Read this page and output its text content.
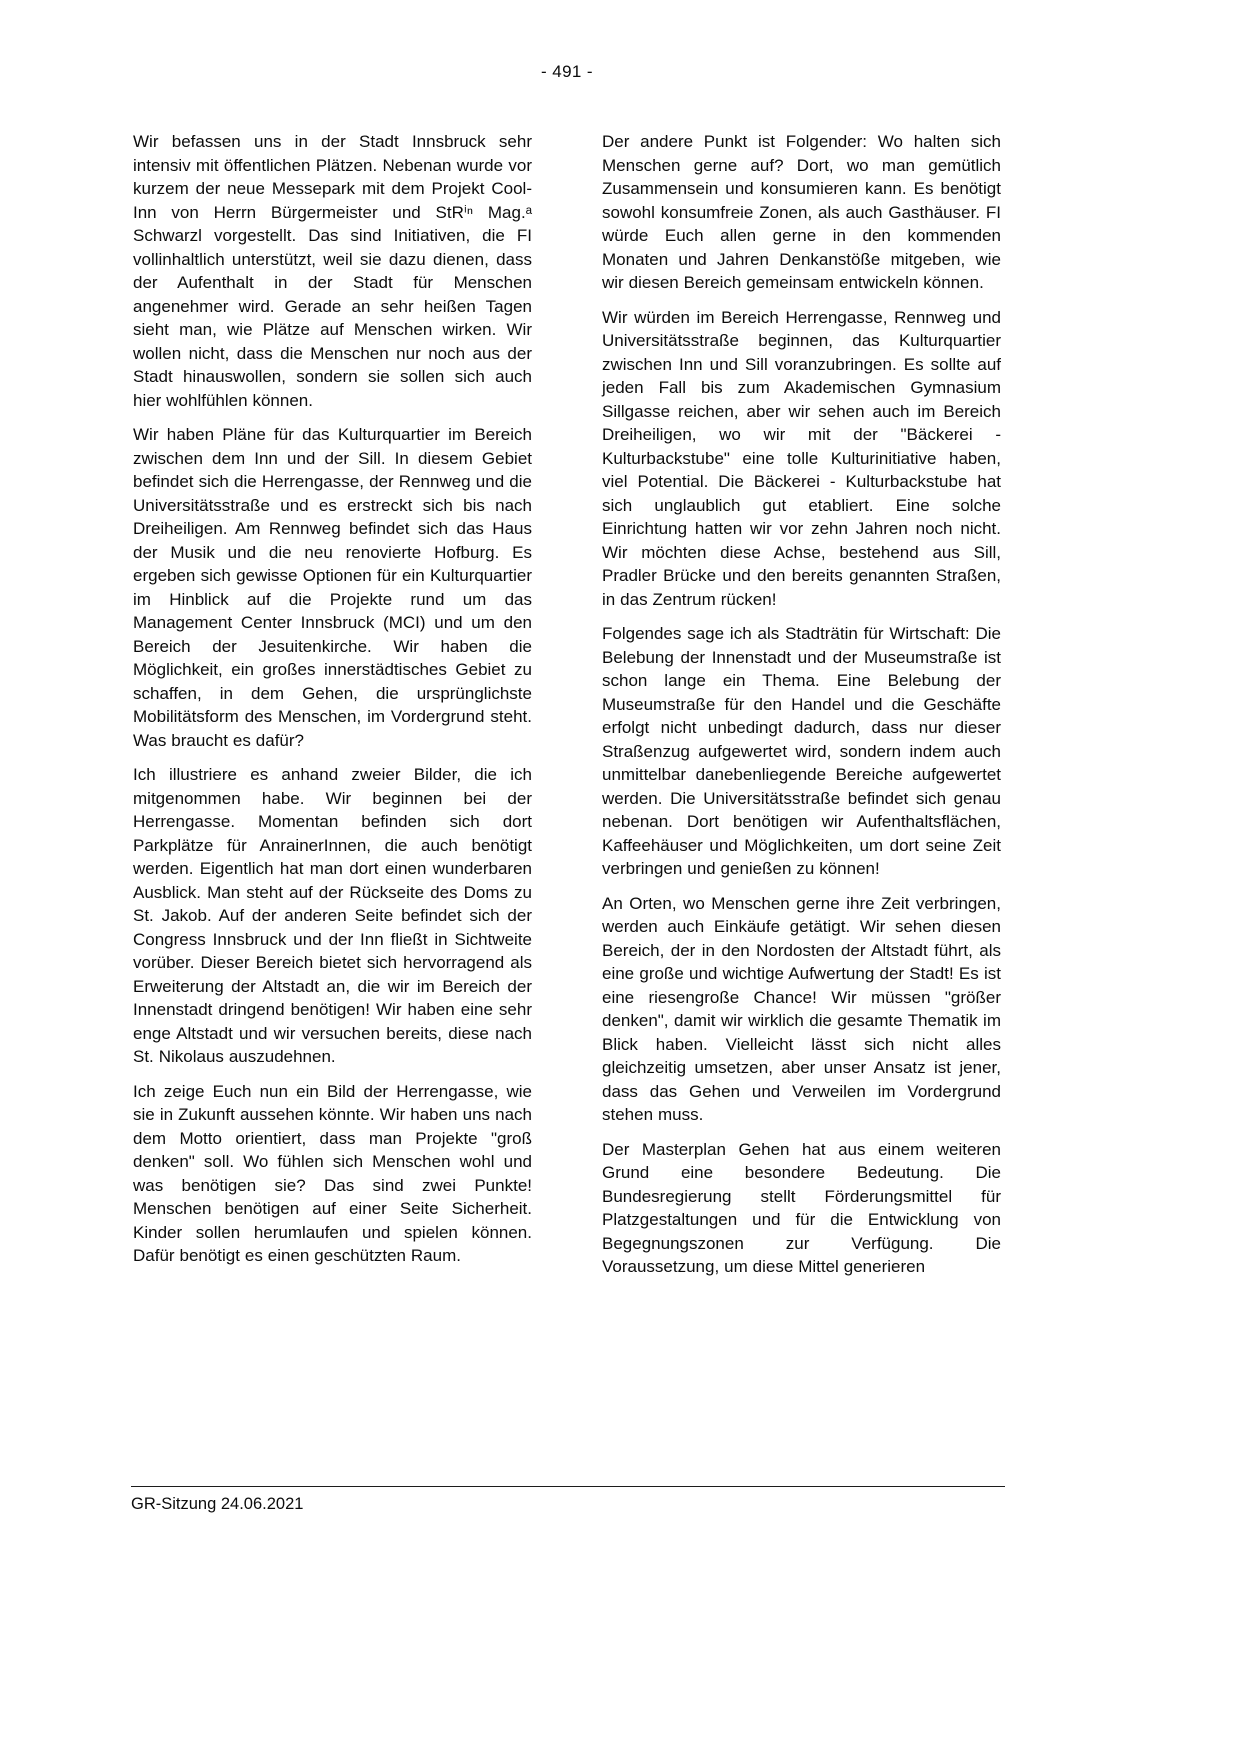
- 491 -

Wir befassen uns in der Stadt Innsbruck sehr intensiv mit öffentlichen Plätzen. Nebenan wurde vor kurzem der neue Messepark mit dem Projekt Cool-Inn von Herrn Bürgermeister und StRⁱⁿ Mag.ᵃ Schwarzl vorgestellt. Das sind Initiativen, die FI vollinhaltlich unterstützt, weil sie dazu dienen, dass der Aufenthalt in der Stadt für Menschen angenehmer wird. Gerade an sehr heißen Tagen sieht man, wie Plätze auf Menschen wirken. Wir wollen nicht, dass die Menschen nur noch aus der Stadt hinauswollen, sondern sie sollen sich auch hier wohlfühlen können.

Wir haben Pläne für das Kulturquartier im Bereich zwischen dem Inn und der Sill. In diesem Gebiet befindet sich die Herrengasse, der Rennweg und die Universitätsstraße und es erstreckt sich bis nach Dreiheiligen. Am Rennweg befindet sich das Haus der Musik und die neu renovierte Hofburg. Es ergeben sich gewisse Optionen für ein Kulturquartier im Hinblick auf die Projekte rund um das Management Center Innsbruck (MCI) und um den Bereich der Jesuitenkirche. Wir haben die Möglichkeit, ein großes innerstädtisches Gebiet zu schaffen, in dem Gehen, die ursprünglichste Mobilitätsform des Menschen, im Vordergrund steht. Was braucht es dafür?

Ich illustriere es anhand zweier Bilder, die ich mitgenommen habe. Wir beginnen bei der Herrengasse. Momentan befinden sich dort Parkplätze für AnrainerInnen, die auch benötigt werden. Eigentlich hat man dort einen wunderbaren Ausblick. Man steht auf der Rückseite des Doms zu St. Jakob. Auf der anderen Seite befindet sich der Congress Innsbruck und der Inn fließt in Sichtweite vorüber. Dieser Bereich bietet sich hervorragend als Erweiterung der Altstadt an, die wir im Bereich der Innenstadt dringend benötigen! Wir haben eine sehr enge Altstadt und wir versuchen bereits, diese nach St. Nikolaus auszudehnen.

Ich zeige Euch nun ein Bild der Herrengasse, wie sie in Zukunft aussehen könnte. Wir haben uns nach dem Motto orientiert, dass man Projekte "groß denken" soll. Wo fühlen sich Menschen wohl und was benötigen sie? Das sind zwei Punkte! Menschen benötigen auf einer Seite Sicherheit. Kinder sollen herumlaufen und spielen können. Dafür benötigt es einen geschützten Raum.

Der andere Punkt ist Folgender: Wo halten sich Menschen gerne auf? Dort, wo man gemütlich Zusammensein und konsumieren kann. Es benötigt sowohl konsumfreie Zonen, als auch Gasthäuser. FI würde Euch allen gerne in den kommenden Monaten und Jahren Denkanstöße mitgeben, wie wir diesen Bereich gemeinsam entwickeln können.

Wir würden im Bereich Herrengasse, Rennweg und Universitätsstraße beginnen, das Kulturquartier zwischen Inn und Sill voranzubringen. Es sollte auf jeden Fall bis zum Akademischen Gymnasium Sillgasse reichen, aber wir sehen auch im Bereich Dreiheiligen, wo wir mit der "Bäckerei - Kulturbackstube" eine tolle Kulturinitiative haben, viel Potential. Die Bäckerei - Kulturbackstube hat sich unglaublich gut etabliert. Eine solche Einrichtung hatten wir vor zehn Jahren noch nicht. Wir möchten diese Achse, bestehend aus Sill, Pradler Brücke und den bereits genannten Straßen, in das Zentrum rücken!

Folgendes sage ich als Stadträtin für Wirtschaft: Die Belebung der Innenstadt und der Museumstraße ist schon lange ein Thema. Eine Belebung der Museumstraße für den Handel und die Geschäfte erfolgt nicht unbedingt dadurch, dass nur dieser Straßenzug aufgewertet wird, sondern indem auch unmittelbar danebenliegende Bereiche aufgewertet werden. Die Universitätsstraße befindet sich genau nebenan. Dort benötigen wir Aufenthaltsflächen, Kaffeehäuser und Möglichkeiten, um dort seine Zeit verbringen und genießen zu können!

An Orten, wo Menschen gerne ihre Zeit verbringen, werden auch Einkäufe getätigt. Wir sehen diesen Bereich, der in den Nordosten der Altstadt führt, als eine große und wichtige Aufwertung der Stadt! Es ist eine riesengroße Chance! Wir müssen "größer denken", damit wir wirklich die gesamte Thematik im Blick haben. Vielleicht lässt sich nicht alles gleichzeitig umsetzen, aber unser Ansatz ist jener, dass das Gehen und Verweilen im Vordergrund stehen muss.

Der Masterplan Gehen hat aus einem weiteren Grund eine besondere Bedeutung. Die Bundesregierung stellt Förderungsmittel für Platzgestaltungen und für die Entwicklung von Begegnungszonen zur Verfügung. Die Voraussetzung, um diese Mittel generieren

GR-Sitzung 24.06.2021
